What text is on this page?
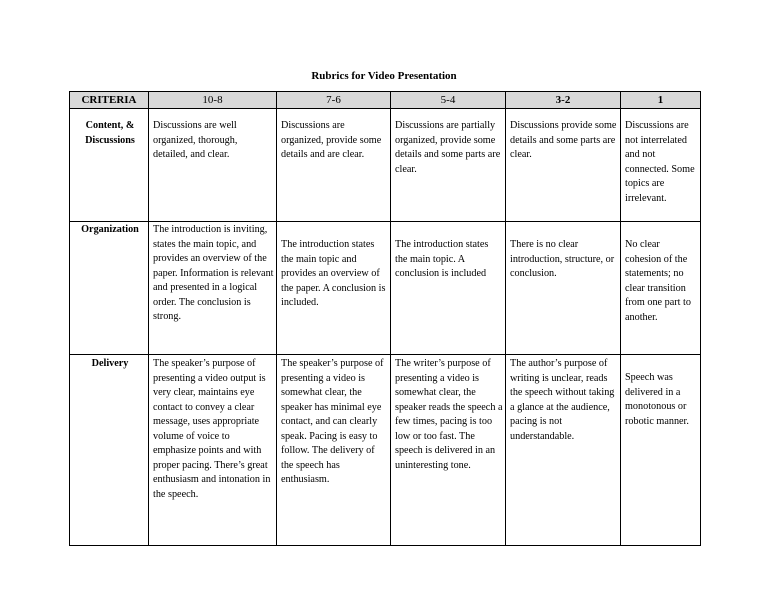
Rubrics for Video Presentation
CRITERIA	10-8	7-6	5-4	3-2	1
Content, & Discussions	Discussions are well organized, thorough, detailed, and clear.	Discussions are organized, provide some details and are clear.	Discussions are partially organized, provide some details and some parts are clear.	Discussions provide some details and some parts are clear.	Discussions are not interrelated and not connected. Some topics are irrelevant.
Organization	The introduction is inviting, states the main topic, and provides an overview of the paper. Information is relevant and presented in a logical order. The conclusion is strong.	The introduction states the main topic and provides an overview of the paper. A conclusion is included.	The introduction states the main topic. A conclusion is included	There is no clear introduction, structure, or conclusion.	No clear cohesion of the statements; no clear transition from one part to another.
Delivery	The speaker’s purpose of presenting a video output is very clear, maintains eye contact to convey a clear message, uses appropriate volume of voice to emphasize points and with proper pacing. There’s great enthusiasm and intonation in the speech.	The speaker’s purpose of presenting a video is somewhat clear, the speaker has minimal eye contact, and can clearly speak. Pacing is easy to follow. The delivery of the speech has enthusiasm.	The writer’s purpose of presenting a video is somewhat clear, the speaker reads the speech a few times, pacing is too low or too fast. The speech is delivered in an uninteresting tone.	The author’s purpose of writing is unclear, reads the speech without taking a glance at the audience, pacing is not understandable.	Speech was delivered in a monotonous or robotic manner.
